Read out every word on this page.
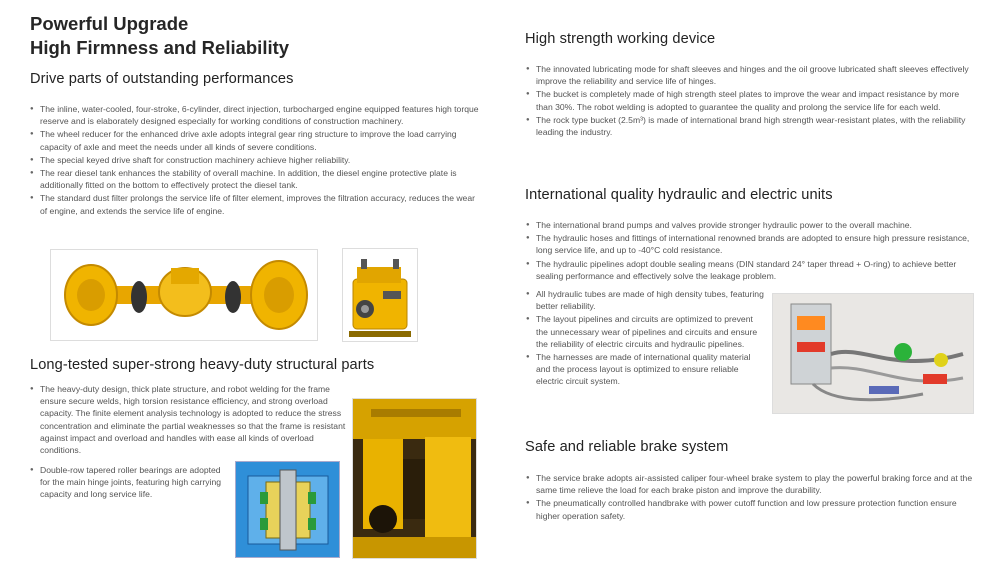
Powerful Upgrade
High Firmness and Reliability
Drive parts of outstanding performances

● The inline, water-cooled, four-stroke, 6-cylinder, direct injection, turbocharged engine equipped features high torque reserve and is elaborately designed especially for working conditions of construction machinery.

● The wheel reducer for the enhanced drive axle adopts integral gear ring structure to improve the load carrying capacity of axle and meet the needs under all kinds of severe conditions.

● The special keyed drive shaft for construction machinery achieve higher reliability.

● The rear diesel tank enhances the stability of overall machine. In addition, the diesel engine protective plate is additionally fitted on the bottom to effectively protect the diesel tank.

● The standard dust filter prolongs the service life of filter element, improves the filtration accuracy, reduces the wear of engine, and extends the service life of engine.

Long-tested super-strong heavy-duty structural parts

● The heavy-duty design, thick plate structure, and robot welding for the frame ensure secure welds, high torsion resistance efficiency, and strong overload capacity. The finite element analysis technology is adopted to reduce the stress concentration and eliminate the partial weaknesses so that the frame is resistant against impact and overload and handles with ease all kinds of overload conditions.

● Double-row tapered roller bearings are adopted for the main hinge joints, featuring high carrying capacity and long service life.

High strength working device

● The innovated lubricating mode for shaft sleeves and hinges and the oil groove lubricated shaft sleeves effectively improve the reliability and service life of hinges.

● The bucket is completely made of high strength steel plates to improve the wear and impact resistance by more than 30%. The robot welding is adopted to guarantee the quality and prolong the service life for each weld.

● The rock type bucket (2.5m³) is made of international brand high strength wear-resistant plates, with the reliability leading the industry.

International quality hydraulic and electric units

● The international brand pumps and valves provide stronger hydraulic power to the overall machine.

● The hydraulic hoses and fittings of international renowned brands are adopted to ensure high pressure resistance, long service life, and up to -40°C cold resistance.

● The hydraulic pipelines adopt double sealing means (DIN standard 24° taper thread + O-ring) to achieve better sealing performance and effectively solve the leakage problem.

● All hydraulic tubes are made of high density tubes, featuring better reliability.

● The layout pipelines and circuits are optimized to prevent the unnecessary wear of pipelines and circuits and ensure the reliability of electric circuits and hydraulic pipelines.

● The harnesses are made of international quality material and the process layout is optimized to ensure reliable electric circuit system.

Safe and reliable brake system

● The service brake adopts air-assisted caliper four-wheel brake system to play the powerful braking force and at the same time relieve the load for each brake piston and improve the durability.

● The pneumatically controlled handbrake with power cutoff function and low pressure protection function ensure higher operation safety.
